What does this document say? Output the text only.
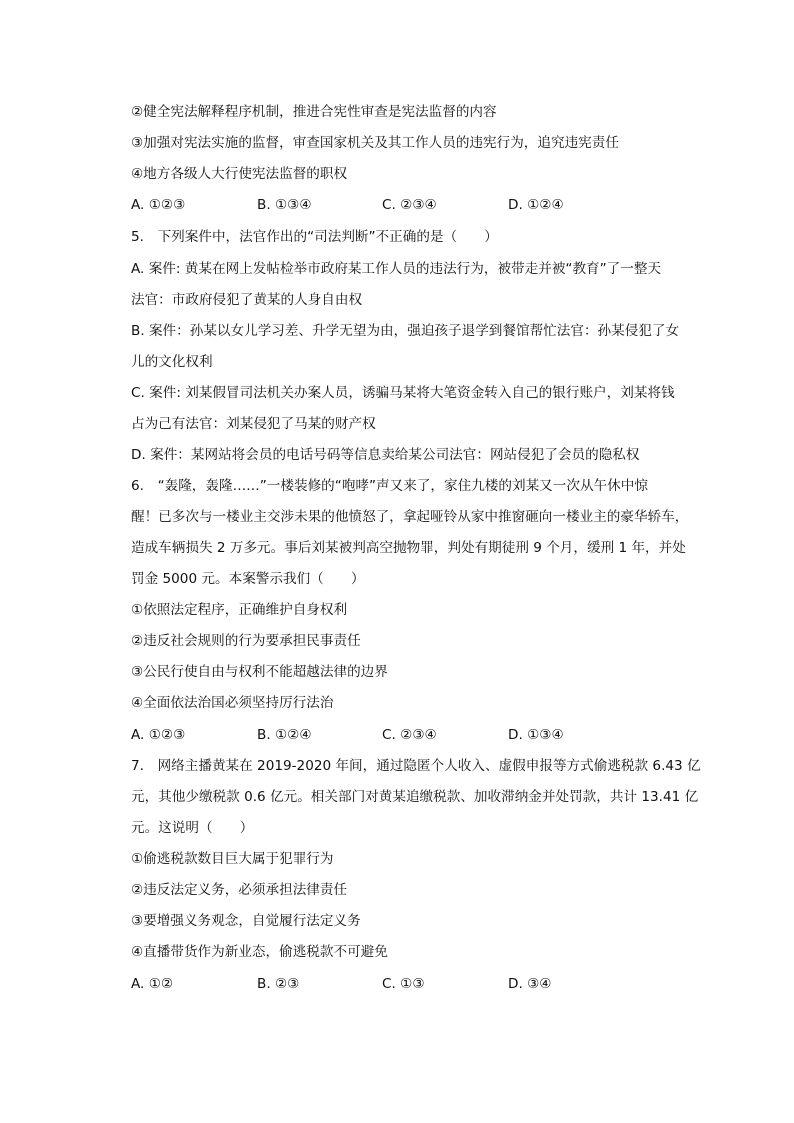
②健全宪法解释程序机制，推进合宪性审查是宪法监督的内容
③加强对宪法实施的监督，审查国家机关及其工作人员的违宪行为，追究违宪责任
④地方各级人大行使宪法监督的职权
A. ①②③	B. ①③④	C. ②③④	D. ①②④
5.　下列案件中，法官作出的“司法判断”不正确的是（　　）
A. 案件: 黄某在网上发帖检举市政府某工作人员的违法行为，被带走并被“教育”了一整天
法官：市政府侵犯了黄某的人身自由权
B. 案件：孙某以女儿学习差、升学无望为由，强迫孩子退学到餐馆帮忙法官：孙某侵犯了女
儿的文化权利
C. 案件: 刘某假冒司法机关办案人员，诱骗马某将大笔资金转入自己的银行账户，刘某将钱
占为己有法官：刘某侵犯了马某的财产权
D. 案件：某网站将会员的电话号码等信息卖给某公司法官：网站侵犯了会员的隐私权
6.　“轰隆，轰隆……”一楼装修的“咆哮”声又来了，家住九楼的刘某又一次从午休中惊
醒！已多次与一楼业主交涉未果的他愤怒了，拿起哑铃从家中推窗砸向一楼业主的豪华轿车，
造成车辆损失 2 万多元。事后刘某被判高空抛物罪，判处有期徒刑 9 个月，缓刑 1 年，并处
罚金 5000 元。本案警示我们（　　）
①依照法定程序，正确维护自身权利
②违反社会规则的行为要承担民事责任
③公民行使自由与权利不能超越法律的边界
④全面依法治国必须坚持厉行法治
A. ①②③	B. ①②④	C. ②③④	D. ①③④
7.　网络主播黄某在 2019-2020 年间，通过隐匿个人收入、虚假申报等方式偷逃税款 6.43 亿
元，其他少缴税款 0.6 亿元。相关部门对黄某追缴税款、加收滞纳金并处罚款，共计 13.41 亿
元。这说明（　　）
①偷逃税款数目巨大属于犯罪行为
②违反法定义务，必须承担法律责任
③要增强义务观念，自觉履行法定义务
④直播带货作为新业态，偷逃税款不可避免
A. ①②	B. ②③	C. ①③	D. ③④
